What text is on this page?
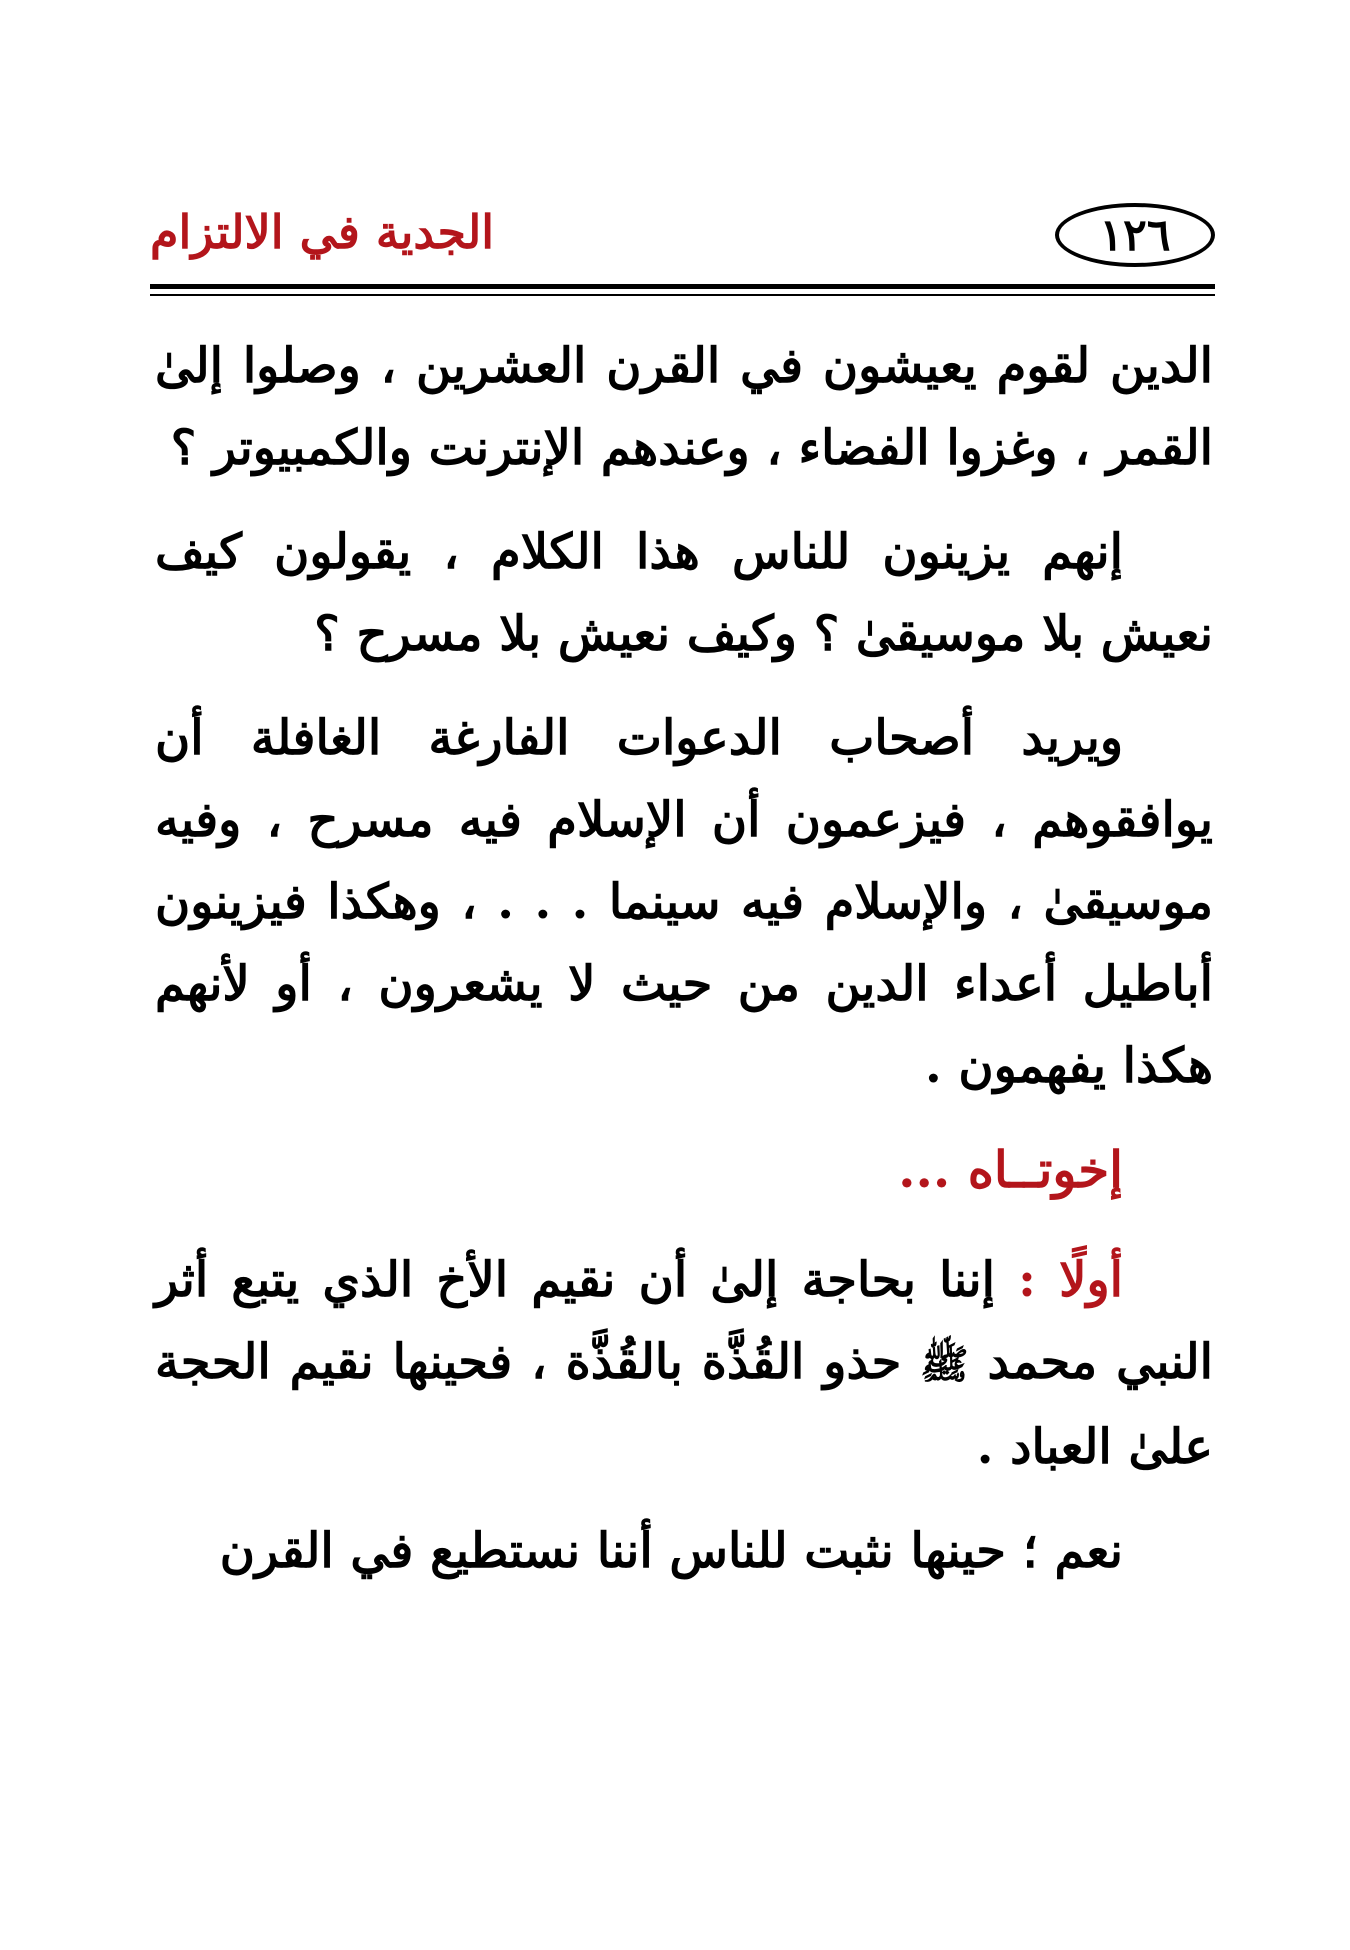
١٢٦
الجدية في الالتزام

الدين لقوم يعيشون في القرن العشرين ، وصلوا إلىٰ القمر ، وغزوا الفضاء ، وعندهم الإنترنت والكمبيوتر ؟

إنهم يزينون للناس هذا الكلام ، يقولون كيف نعيش بلا موسيقىٰ ؟ وكيف نعيش بلا مسرح ؟

ويريد أصحاب الدعوات الفارغة الغافلة أن يوافقوهم ، فيزعمون أن الإسلام فيه مسرح ، وفيه موسيقىٰ ، والإسلام فيه سينما . . . ، وهكذا فيزينون أباطيل أعداء الدين من حيث لا يشعرون ، أو لأنهم هكذا يفهمون .

إخوتــاه ...

أولًا : إننا بحاجة إلىٰ أن نقيم الأخ الذي يتبع أثر النبي محمد ﷺ حذو القُذَّة بالقُذَّة ، فحينها نقيم الحجة علىٰ العباد .

نعم ؛ حينها نثبت للناس أننا نستطيع في القرن
